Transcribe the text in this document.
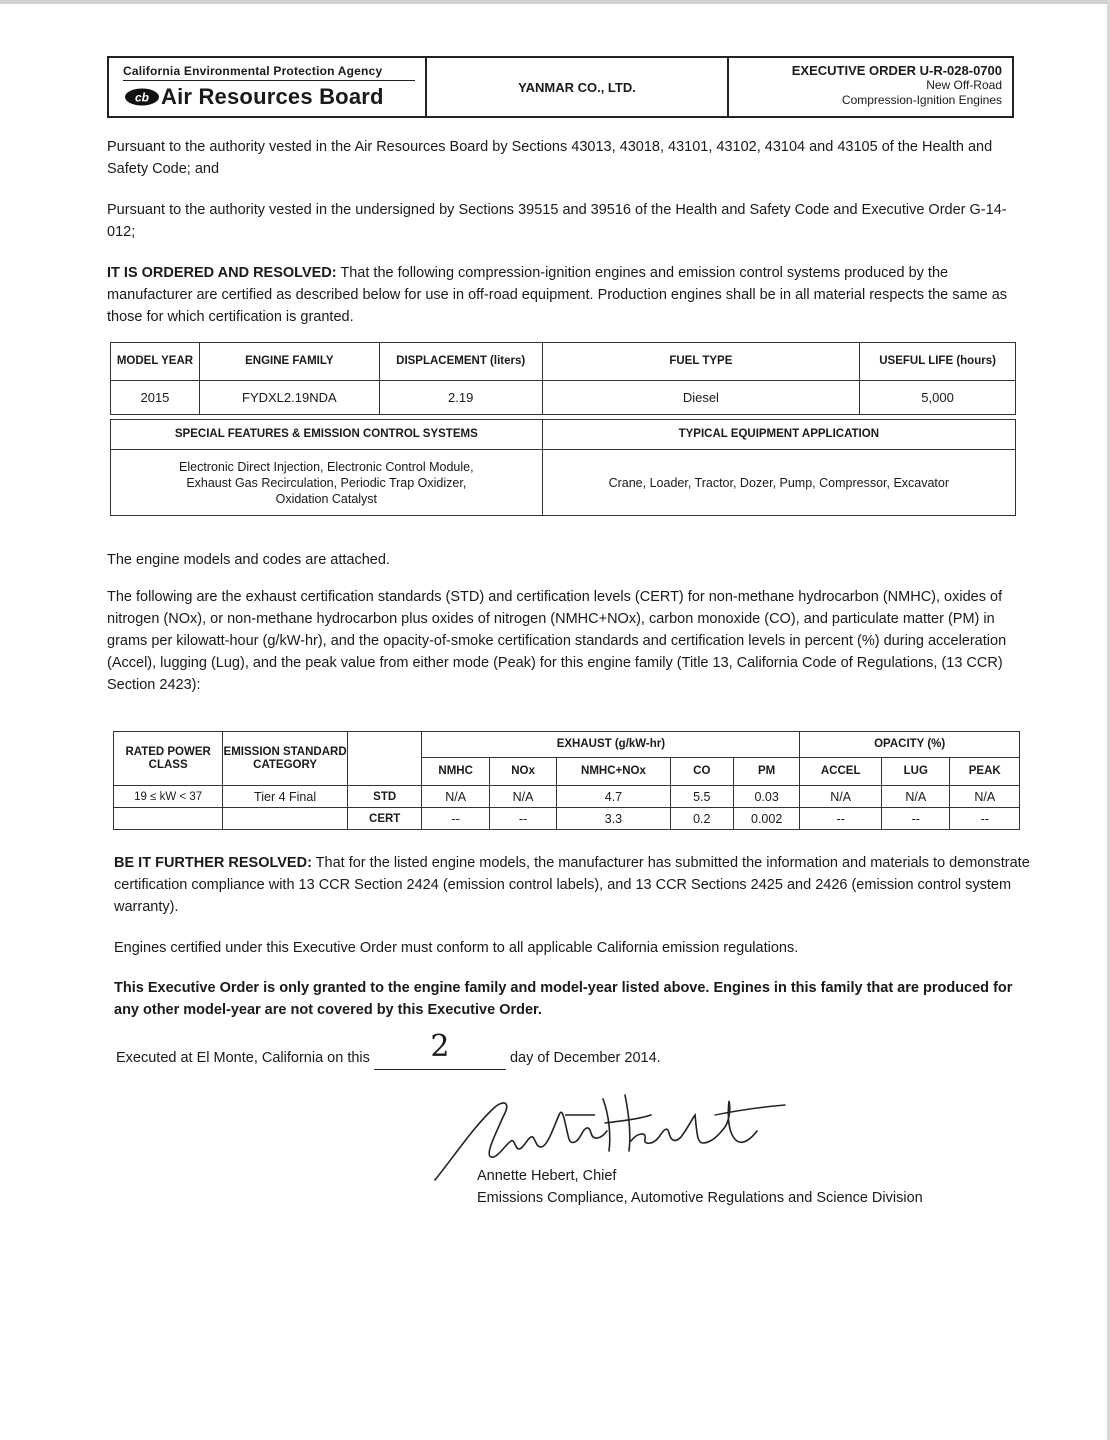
California Environmental Protection Agency
cb Air Resources Board	YANMAR CO., LTD.
EXECUTIVE ORDER U-R-028-0700
New Off-Road
Compression-Ignition Engines
Pursuant to the authority vested in the Air Resources Board by Sections 43013, 43018, 43101, 43102, 43104 and 43105 of the Health and Safety Code; and
Pursuant to the authority vested in the undersigned by Sections 39515 and 39516 of the Health and Safety Code and Executive Order G-14-012;
IT IS ORDERED AND RESOLVED: That the following compression-ignition engines and emission control systems produced by the manufacturer are certified as described below for use in off-road equipment. Production engines shall be in all material respects the same as those for which certification is granted.
MODEL YEAR	ENGINE FAMILY	DISPLACEMENT (liters)	FUEL TYPE	USEFUL LIFE (hours)
2015	FYDXL2.19NDA	2.19	Diesel	5,000

SPECIAL FEATURES & EMISSION CONTROL SYSTEMS			TYPICAL EQUIPMENT APPLICATION	

Electronic Direct Injection, Electronic Control Module,
Exhaust Gas Recirculation, Periodic Trap Oxidizer,
Oxidation Catalyst			Crane, Loader, Tractor, Dozer, Pump, Compressor, Excavator	
The engine models and codes are attached.
The following are the exhaust certification standards (STD) and certification levels (CERT) for non-methane hydrocarbon (NMHC), oxides of nitrogen (NOx), or non-methane hydrocarbon plus oxides of nitrogen (NMHC+NOx), carbon monoxide (CO), and particulate matter (PM) in grams per kilowatt-hour (g/kW-hr), and the opacity-of-smoke certification standards and certification levels in percent (%) during acceleration (Accel), lugging (Lug), and the peak value from either mode (Peak) for this engine family (Title 13, California Code of Regulations, (13 CCR) Section 2423):
RATED POWER CLASS	EMISSION STANDARD CATEGORY		EXHAUST (g/kW-hr)					OPACITY (%)		
			NMHC	NOx	NMHC+NOx	CO	PM	ACCEL	LUG	PEAK
19 ≤ kW < 37	Tier 4 Final	STD	N/A	N/A	4.7	5.5	0.03	N/A	N/A	N/A
		CERT	--	--	3.3	0.2	0.002	--	--	--
BE IT FURTHER RESOLVED: That for the listed engine models, the manufacturer has submitted the information and materials to demonstrate certification compliance with 13 CCR Section 2424 (emission control labels), and 13 CCR Sections 2425 and 2426 (emission control system warranty).
Engines certified under this Executive Order must conform to all applicable California emission regulations.
This Executive Order is only granted to the engine family and model-year listed above. Engines in this family that are produced for any other model-year are not covered by this Executive Order.
Executed at El Monte, California on this 2	day of December 2014.
Annette Hebert, Chief
Emissions Compliance, Automotive Regulations and Science Division
